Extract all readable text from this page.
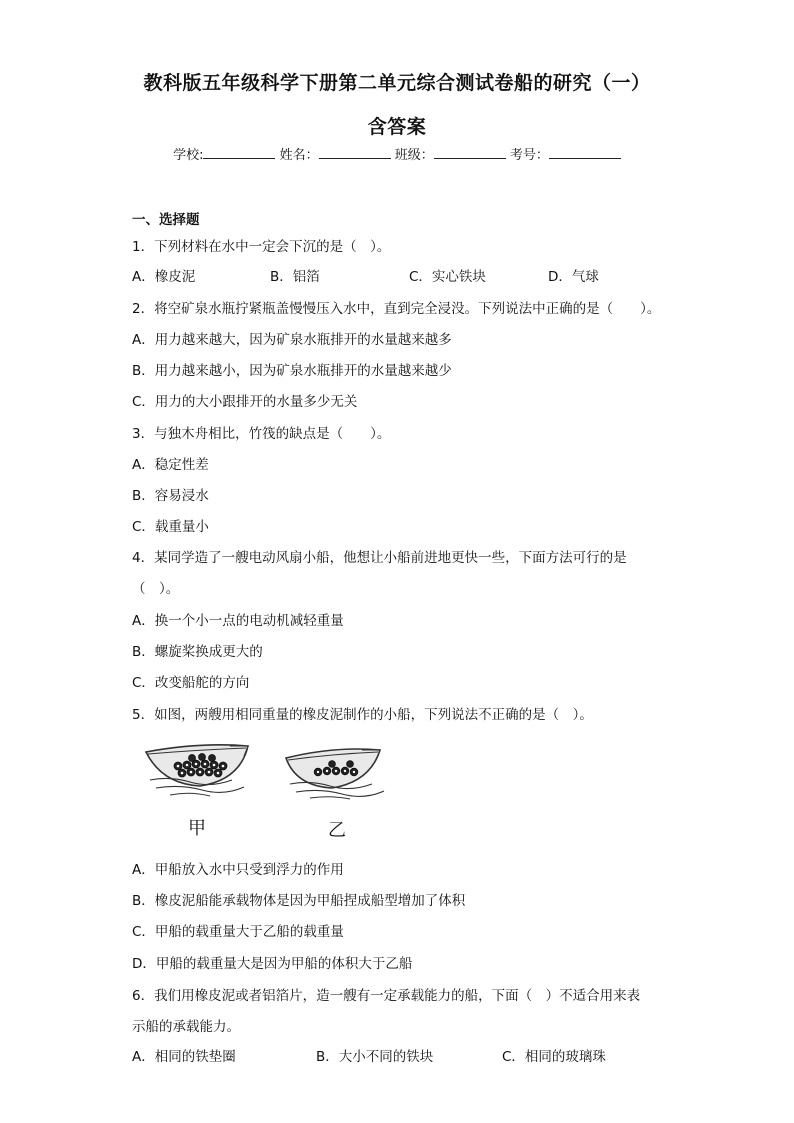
教科版五年级科学下册第二单元综合测试卷船的研究（一）
含答案
学校:	姓名：	班级：	考号：
一、选择题
1．下列材料在水中一定会下沉的是（　）。
A．橡皮泥	B．铝箔	C．实心铁块	D．气球
2．将空矿泉水瓶拧紧瓶盖慢慢压入水中，直到完全浸没。下列说法中正确的是（　　）。
A．用力越来越大，因为矿泉水瓶排开的水量越来越多
B．用力越来越小，因为矿泉水瓶排开的水量越来越少
C．用力的大小跟排开的水量多少无关
3．与独木舟相比，竹筏的缺点是（　　）。
A．稳定性差
B．容易浸水
C．载重量小
4．某同学造了一艘电动风扇小船，他想让小船前进地更快一些，下面方法可行的是
（　）。
A．换一个小一点的电动机减轻重量
B．螺旋桨换成更大的
C．改变船舵的方向
5．如图，两艘用相同重量的橡皮泥制作的小船，下列说法不正确的是（　）。
甲	乙
A．甲船放入水中只受到浮力的作用
B．橡皮泥船能承载物体是因为甲船捏成船型增加了体积
C．甲船的载重量大于乙船的载重量
D．甲船的载重量大是因为甲船的体积大于乙船
6．我们用橡皮泥或者铝箔片，造一艘有一定承载能力的船，下面（　）不适合用来表
示船的承载能力。
A．相同的铁垫圈	B．大小不同的铁块	C．相同的玻璃珠
